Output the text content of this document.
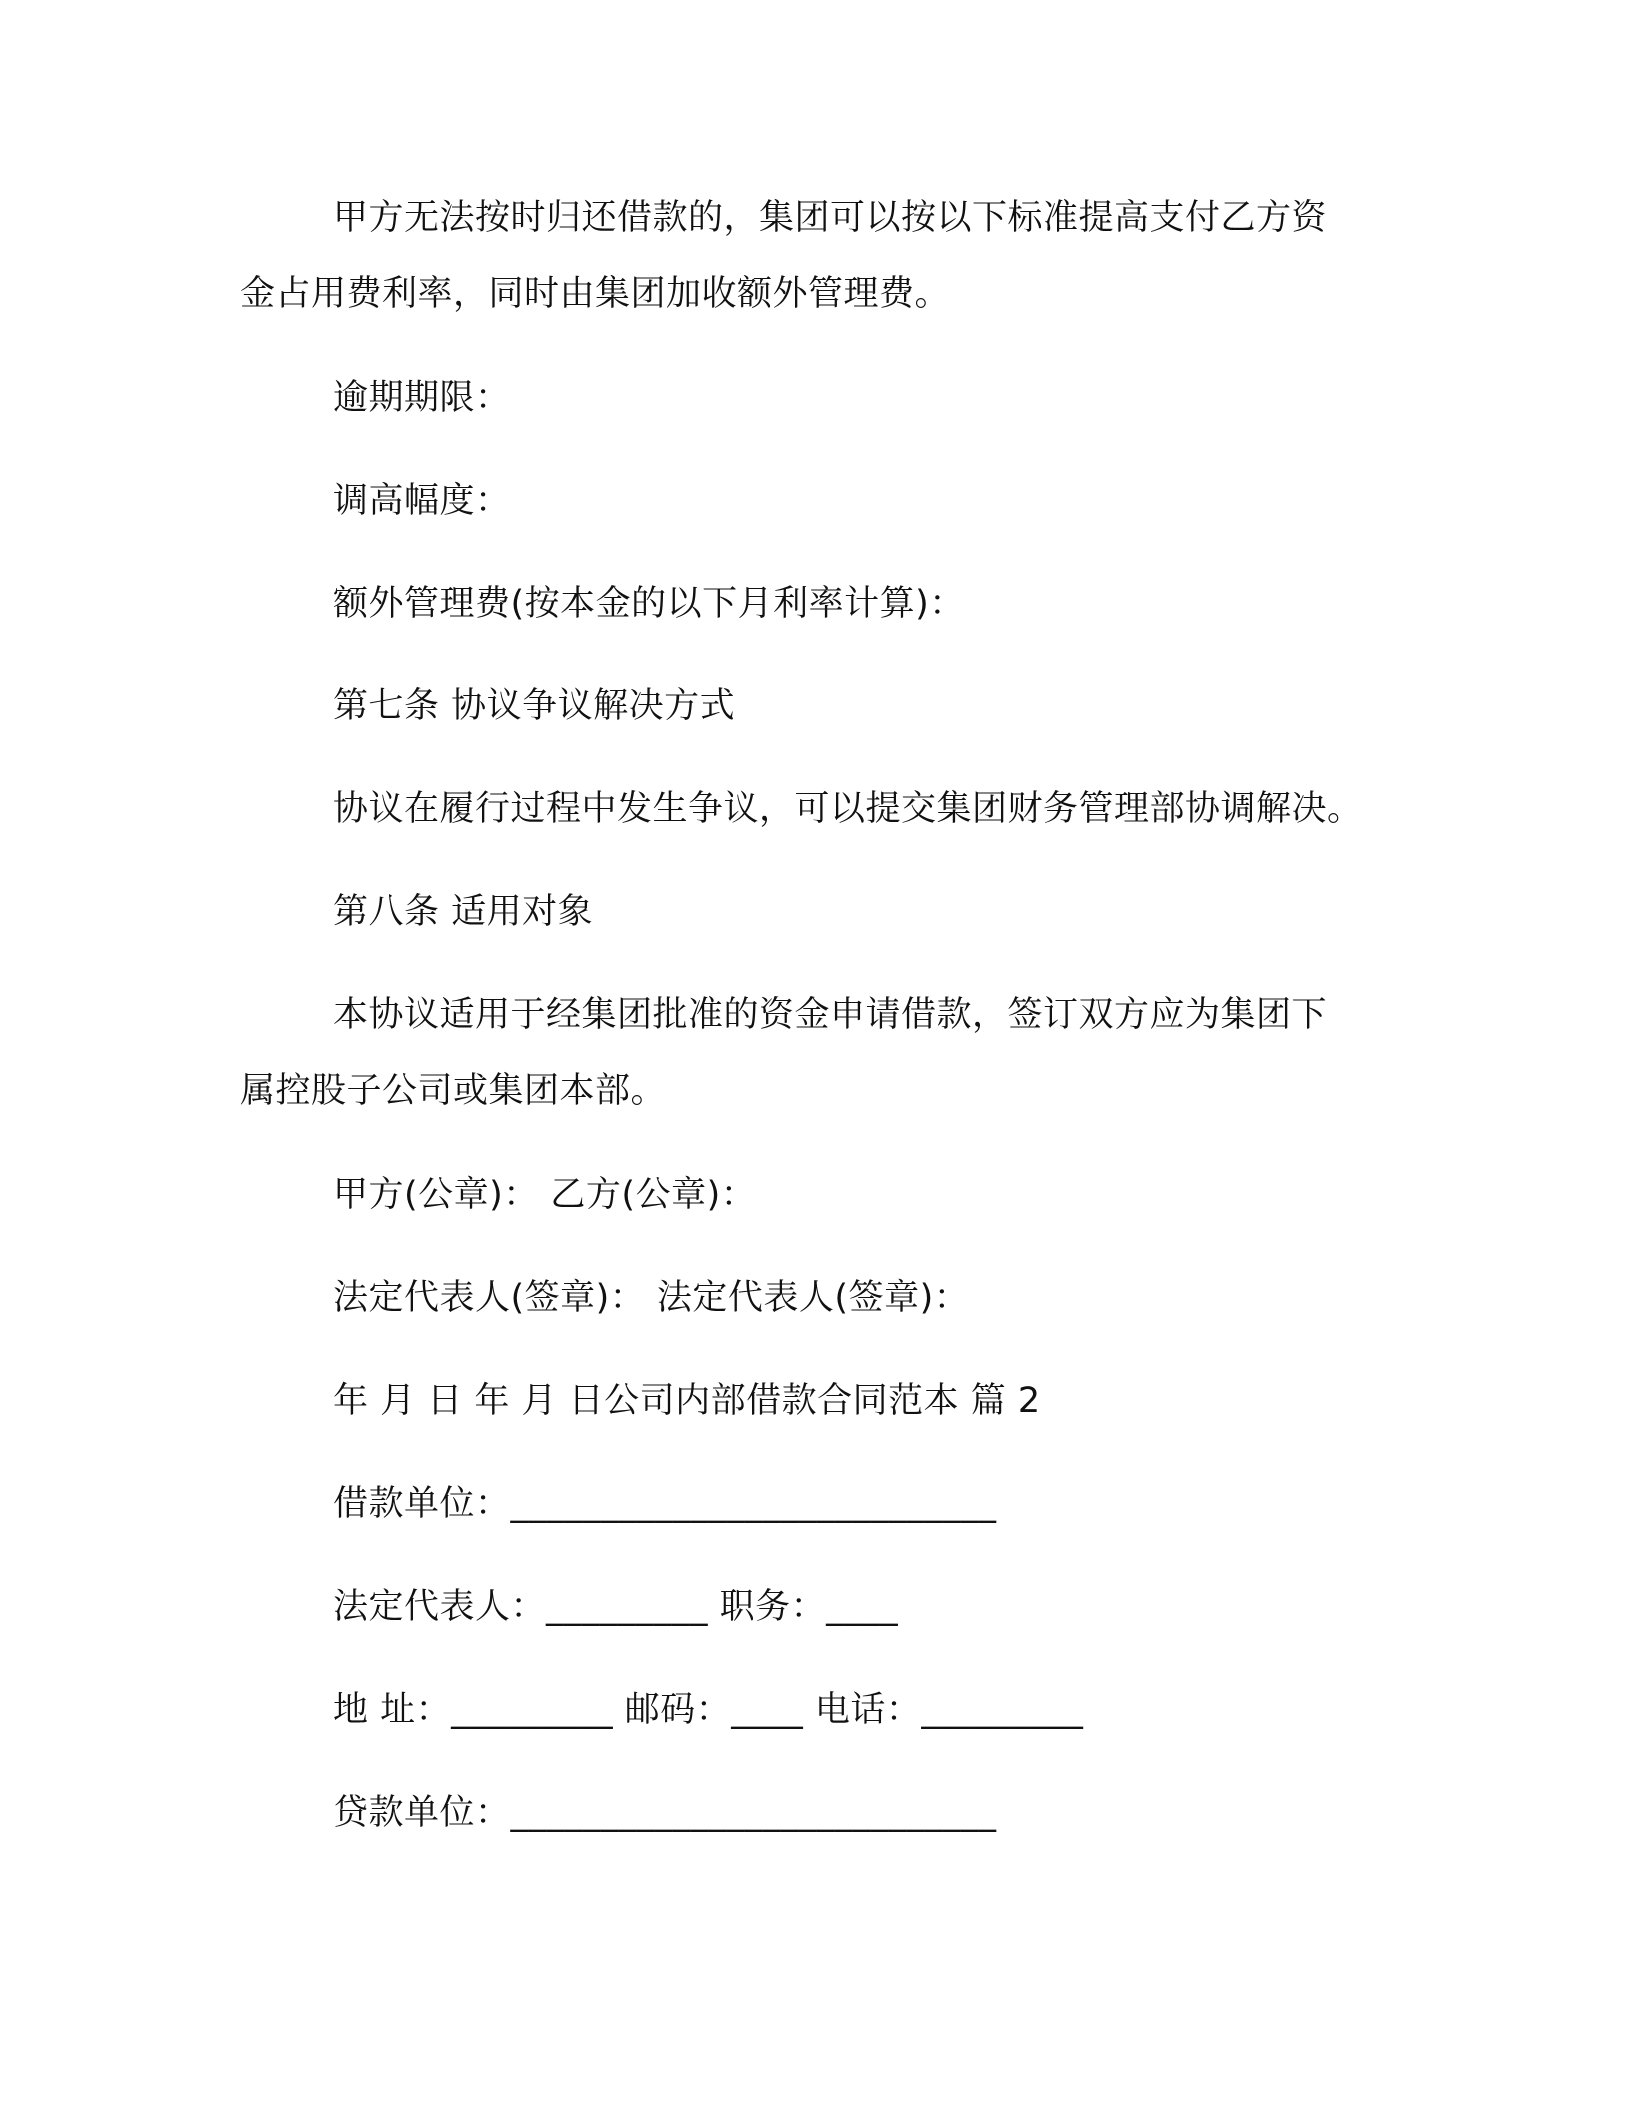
甲方无法按时归还借款的，集团可以按以下标准提高支付乙方资
金占用费利率，同时由集团加收额外管理费。
逾期期限：
调高幅度：
额外管理费(按本金的以下月利率计算)：
第七条 协议争议解决方式
协议在履行过程中发生争议，可以提交集团财务管理部协调解决。
第八条 适用对象
本协议适用于经集团批准的资金申请借款，签订双方应为集团下
属控股子公司或集团本部。
甲方(公章)： 乙方(公章)：
法定代表人(签章)： 法定代表人(签章)：
年 月 日 年 月 日公司内部借款合同范本 篇 2
借款单位：___________________________
法定代表人：_________ 职务：____
地 址：_________ 邮码：____ 电话：_________
贷款单位：___________________________
